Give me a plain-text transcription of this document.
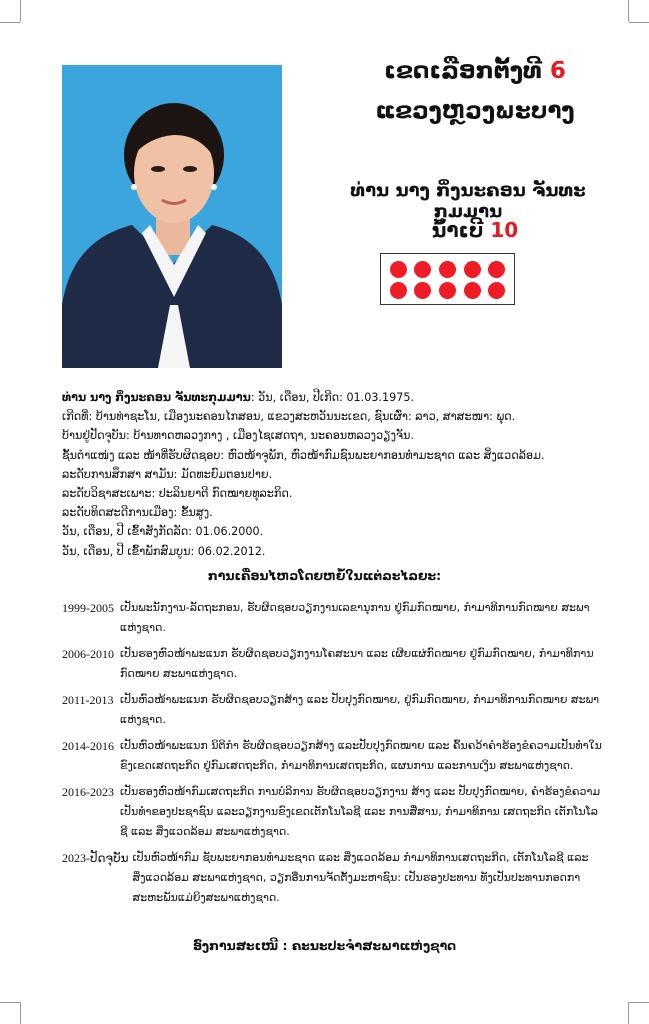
ເຂດເລືອກຕັ້ງທີ 6
ແຂວງຫຼວງພະບາງ
ທ່ານ ນາງ ກິ່ງນະຄອນ ຈັນທະກຸມມານ
ນໍ້າເບີ 10
ທ່ານ ນາງ ກິ່ງນະຄອນ ຈັນທະກຸມມານ: ວັນ, ເດືອນ, ປີເກີດ: 01.03.1975.
ເກີດທີ່: ບ້ານທ່າຊະໂນ, ເມືອງນະຄອນໄກສອນ, ແຂວງສະຫວັນນະເຂດ, ຊົນເຜົ່າ: ລາວ, ສາສະໜາ: ພຸດ.
ບ້ານຢູ່ປັດຈຸບັນ: ບ້ານທາດຫລວງກາງ , ເມືອງໄຊເສດຖາ, ນະຄອນຫລວງວຽງຈັນ.
ຊັ້ນຕໍາແໜ່ງ ແລະ ໜ້າທີ່ຮັບຜິດຊອບ: ຫົວໜ້າຈຸພັກ, ຫົວໜ້າກົມຊົນພະຍາກອນທໍາມະຊາດ ແລະ ສິ່ງແວດລ້ອມ.
ລະດັບການສຶກສາ ສາມັນ: ມັດທະຍົມຕອນປາຍ.
ລະດັບວິຊາສະເພາະ: ປະລິນຍາຕີ ກົດໝາຍທຸລະກິດ.
ລະດັບທິດສະດີການເມືອງ: ຂັ້ນສູງ.
ວັນ, ເດືອນ, ປີ ເຂົ້າສັງກັດລັດ: 01.06.2000.
ວັນ, ເດືອນ, ປີ ເຂົ້າພັກສົມບູນ: 06.02.2012.
ການເຄື່ອນໄຫວໂດຍຫຍໍ້ໃນແຕ່ລະໄລຍະ:
1999-2005 ເປັນພະນັກງານ-ລັດຖະກອນ, ຮັບຜິດຊອບວຽກງານເລຂານຸການ ຢູ່ກົມກົດໝາຍ, ກໍາມາທິການກົດໝາຍ ສະພາແຫ່ງຊາດ.
2006-2010 ເປັນຮອງຫົວໜ້າພະແນກ ຮັບຜິດຊອບວຽກງານໂຄສະນາ ແລະ ເຜີຍແຜ່ກົດໝາຍ ຢູ່ກົມກົດໝາຍ, ກໍາມາທິການກົດໝາຍ ສະພາແຫ່ງຊາດ.
2011-2013 ເປັນຫົວໜ້າພະແນກ ຮັບຜິດຊອບວຽກສ້າງ ແລະ ປັບປຸງກົດໝາຍ, ຢູ່ກົມກົດໝາຍ, ກໍາມາທິການກົດໝາຍ ສະພາແຫ່ງຊາດ.
2014-2016 ເປັນຫົວໜ້າພະແນກ ນິຕິກໍາ ຮັບຜິດຊອບວຽກສ້າງ ແລະປັບປຸງກົດໝາຍ ແລະ ຄົ້ນຄວ້າຄໍາຮ້ອງຂໍຄວາມເປັນທໍາໃນຂົງເຂດເສດຖະກິດ ຢູ່ກົມເສດຖະກິດ, ກໍາມາທິການເສດຖະກິດ, ແຜນການ ແລະການເງິນ ສະພາແຫ່ງຊາດ.
2016-2023 ເປັນຮອງຫົວໜ້າກົມເສດຖະກິດ ການບໍລິການ ຮັບຜິດຊອບວຽກງານ ສ້າງ ແລະ ປັບປຸງກົດໝາຍ, ຄໍາຮ້ອງຂໍຄວາມເປັນທໍາຂອງປະຊາຊົນ ແລະວຽກງານຂົງເຂດເຕັກໂນໂລຊີ ແລະ ການສື່ສານ, ກໍາມາທິການ ເສດຖະກິດ ເຕັກໂນໂລຊີ ແລະ ສິ່ງແວດລ້ອມ ສະພາແຫ່ງຊາດ.
2023-ປັດຈຸບັນ ເປັນຫົວໜ້າກົມ ຊັບພະຍາກອນທໍາມະຊາດ ແລະ ສິ່ງແວດລ້ອມ ກໍາມາທິການເສດຖະກິດ, ເຕັກໂນໂລຊີ ແລະ ສິ່ງແວດລ້ອມ ສະພາແຫ່ງຊາດ, ວຽກອື່ນການຈັດຕັ້ງມະຫາຊົນ: ເປັນຮອງປະທານ ທັງເປັນປະທານກອດກາ ສະຫະພັນແມ່ຍິງສະພາແຫ່ງຊາດ.
ອົງການສະເໜີ : ຄະນະປະຈໍາສະພາແຫ່ງຊາດ
